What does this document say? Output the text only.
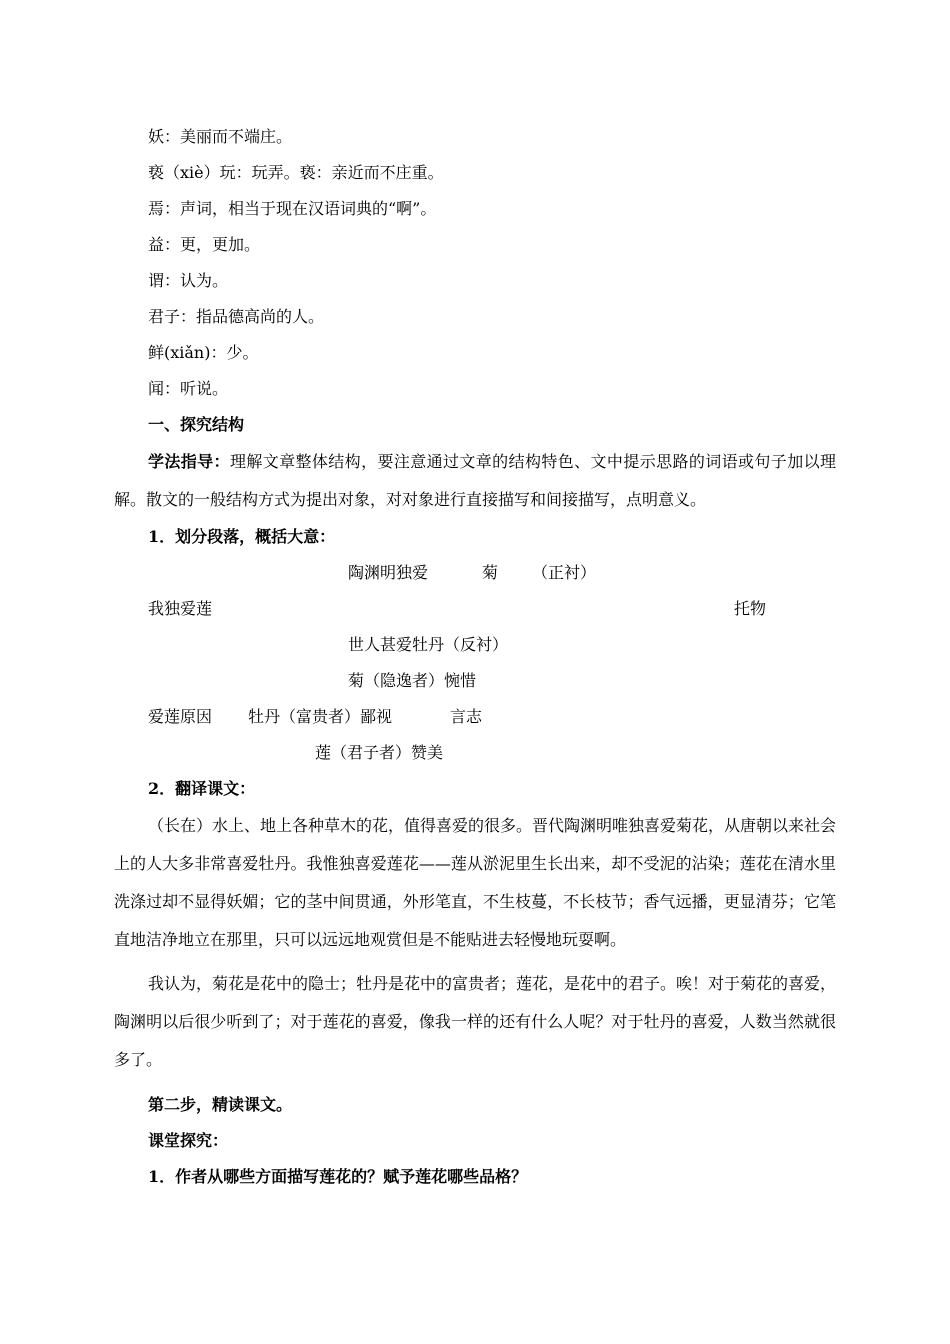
妖：美丽而不端庄。
亵（xiè）玩：玩弄。亵：亲近而不庄重。
焉：声词，相当于现在汉语词典的“啊”。
益：更，更加。
谓：认为。
君子：指品德高尚的人。
鲜(xiǎn)：少。
闻：听说。
一、探究结构
学法指导：理解文章整体结构，要注意通过文章的结构特色、文中提示思路的词语或句子加以理解。散文的一般结构方式为提出对象，对对象进行直接描写和间接描写，点明意义。
1．划分段落，概括大意：
陶渊明独爱	菊 （正衬）
我独爱莲	托物
世人甚爱牡丹（反衬）
菊（隐逸者）惋惜
爱莲原因 牡丹（富贵者）鄙视	言志
莲（君子者）赞美
2．翻译课文：
（长在）水上、地上各种草木的花，值得喜爱的很多。晋代陶渊明唯独喜爱菊花，从唐朝以来社会上的人大多非常喜爱牡丹。我惟独喜爱莲花——莲从淤泥里生长出来，却不受泥的沾染；莲花在清水里洗涤过却不显得妖媚；它的茎中间贯通，外形笔直，不生枝蔓，不长枝节；香气远播，更显清芬；它笔直地洁净地立在那里，只可以远远地观赏但是不能贴进去轻慢地玩耍啊。
我认为，菊花是花中的隐士；牡丹是花中的富贵者；莲花，是花中的君子。唉！对于菊花的喜爱，陶渊明以后很少听到了；对于莲花的喜爱，像我一样的还有什么人呢？对于牡丹的喜爱，人数当然就很多了。
第二步，精读课文。
课堂探究：
1．作者从哪些方面描写莲花的？赋予莲花哪些品格？
